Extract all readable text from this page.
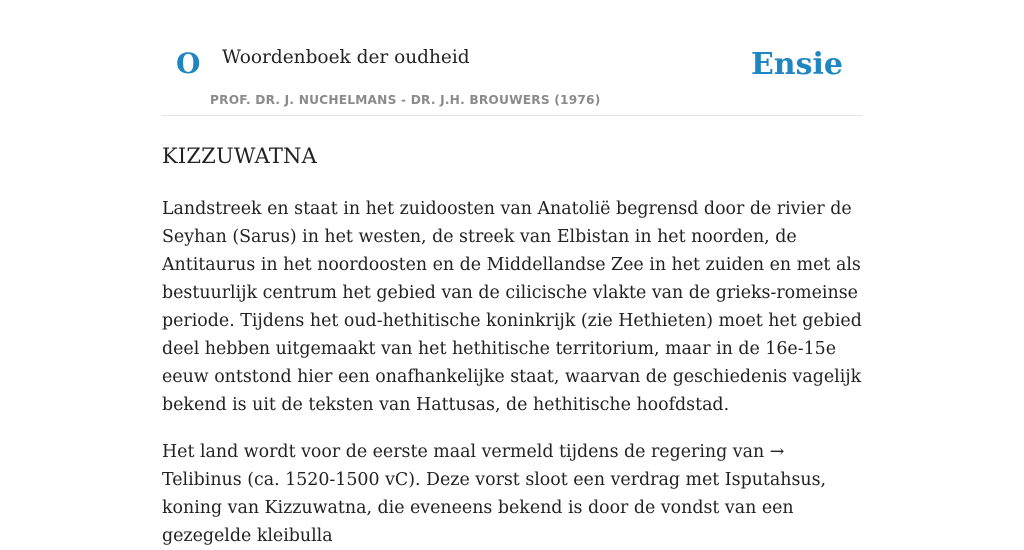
O Woordenboek der oudheid
PROF. DR. J. NUCHELMANS - DR. J.H. BROUWERS (1976)
Ensie
KIZZUWATNA

Landstreek en staat in het zuidoosten van Anatolië begrensd door de rivier de Seyhan (Sarus) in het westen, de streek van Elbistan in het noorden, de Antitaurus in het noordoosten en de Middellandse Zee in het zuiden en met als bestuurlijk centrum het gebied van de cilicische vlakte van de grieks-romeinse periode. Tijdens het oud-hethitische koninkrijk (zie Hethieten) moet het gebied deel hebben uitgemaakt van het hethitische territorium, maar in de 16e-15e eeuw ontstond hier een onafhankelijke staat, waarvan de geschiedenis vagelijk bekend is uit de teksten van Hattusas, de hethitische hoofdstad.

Het land wordt voor de eerste maal vermeld tijdens de regering van → Telibinus (ca. 1520-1500 vC). Deze vorst sloot een verdrag met Isputahsus, koning van Kizzuwatna, die eveneens bekend is door de vondst van een gezegelde kleibulla
